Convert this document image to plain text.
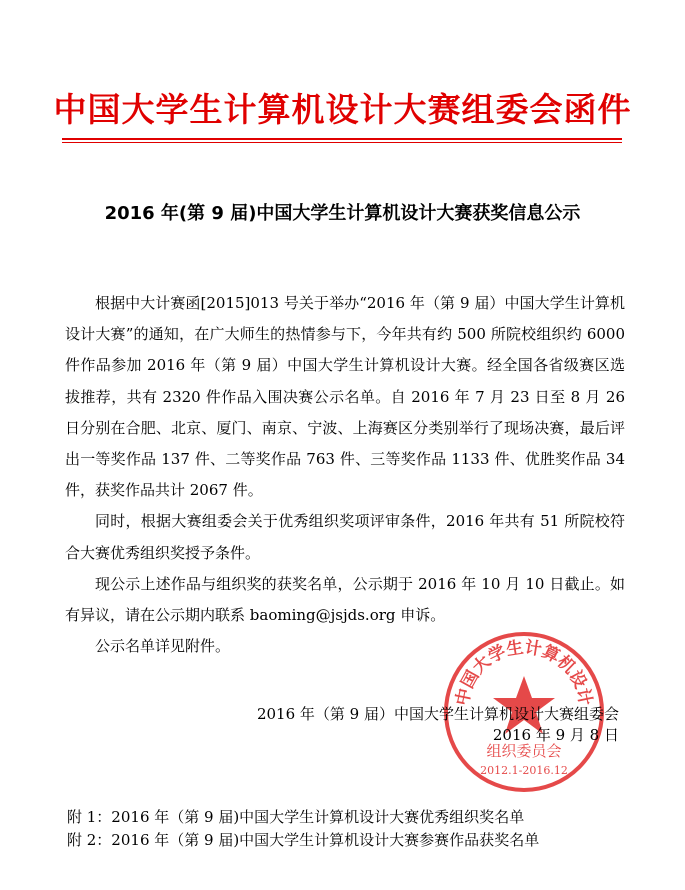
中国大学生计算机设计大赛组委会函件
2016 年(第 9 届)中国大学生计算机设计大赛获奖信息公示

根据中大计赛函[2015]013 号关于举办“2016 年（第 9 届）中国大学生计算机设计大赛”的通知，在广大师生的热情参与下，今年共有约 500 所院校组织约 6000 件作品参加 2016 年（第 9 届）中国大学生计算机设计大赛。经全国各省级赛区选拔推荐，共有 2320 件作品入围决赛公示名单。自 2016 年 7 月 23 日至 8 月 26 日分别在合肥、北京、厦门、南京、宁波、上海赛区分类别举行了现场决赛，最后评出一等奖作品 137 件、二等奖作品 763 件、三等奖作品 1133 件、优胜奖作品 34 件，获奖作品共计 2067 件。

同时，根据大赛组委会关于优秀组织奖项评审条件，2016 年共有 51 所院校符合大赛优秀组织奖授予条件。

现公示上述作品与组织奖的获奖名单，公示期于 2016 年 10 月 10 日截止。如有异议，请在公示期内联系 baoming@jsjds.org 申诉。

公示名单详见附件。

中国大学生计算机设计
组织委员会
2012.1-2016.12
2016 年（第 9 届）中国大学生计算机设计大赛组委会
2016 年 9 月 8 日
附 1：2016 年（第 9 届)中国大学生计算机设计大赛优秀组织奖名单
附 2：2016 年（第 9 届)中国大学生计算机设计大赛参赛作品获奖名单
